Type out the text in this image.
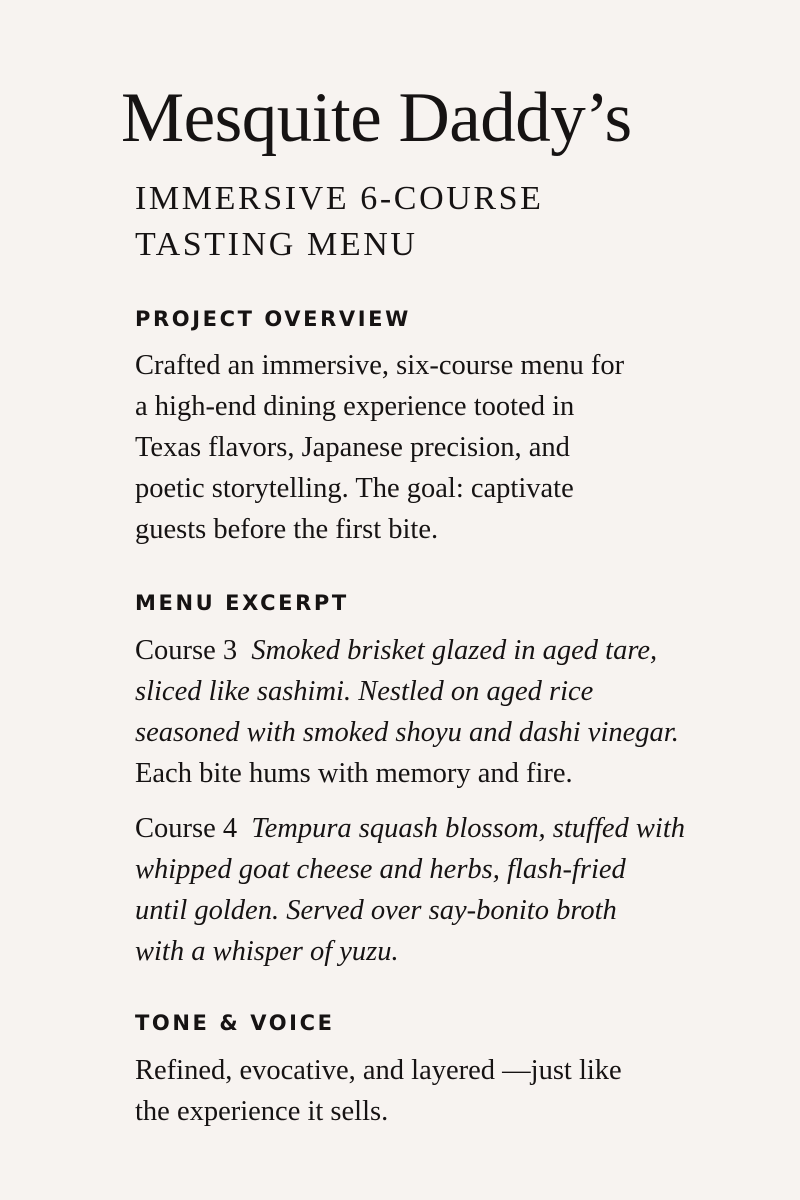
Mesquite Daddy’s
IMMERSIVE 6-COURSE
TASTING MENU
PROJECT OVERVIEW

Crafted an immersive, six-course menu for
a high-end dining experience tooted in
Texas flavors, Japanese precision, and
poetic storytelling. The goal: captivate
guests before the first bite.

MENU EXCERPT

Course 3 Smoked brisket glazed in aged tare,
sliced like sashimi. Nestled on aged rice
seasoned with smoked shoyu and dashi vinegar.
Each bite hums with memory and fire.

Course 4 Tempura squash blossom, stuffed with
whipped goat cheese and herbs, flash-fried
until golden. Served over say-bonito broth
with a whisper of yuzu.

TONE & VOICE

Refined, evocative, and layered —just like
the experience it sells.
